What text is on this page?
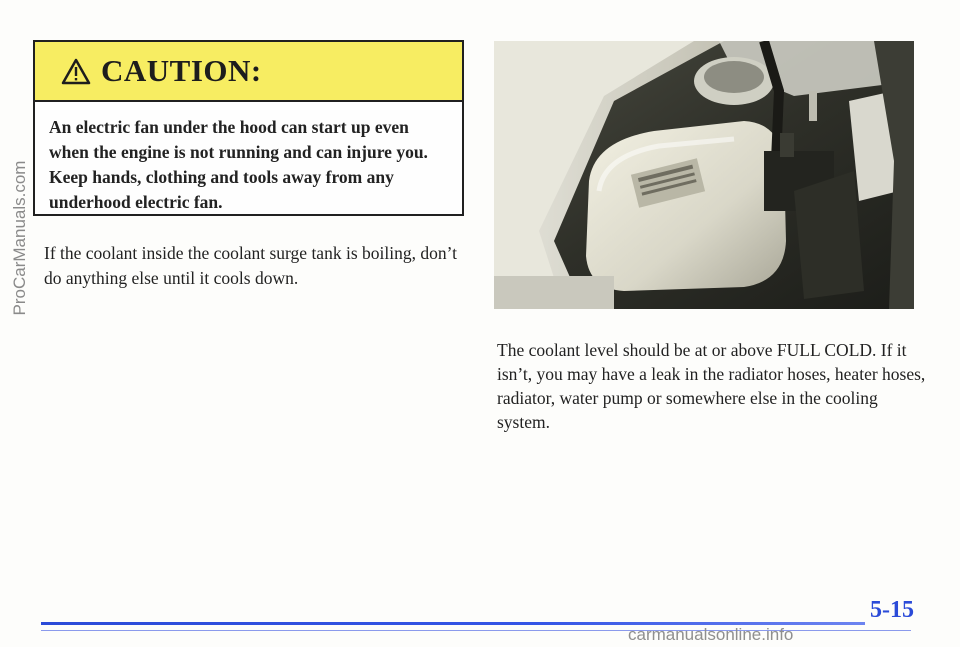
ProCarManuals.com
CAUTION:
An electric fan under the hood can start up even when the engine is not running and can injure you. Keep hands, clothing and tools away from any underhood electric fan.
If the coolant inside the coolant surge tank is boiling, don’t do anything else until it cools down.
The coolant level should be at or above FULL COLD. If it isn’t, you may have a leak in the radiator hoses, heater hoses, radiator, water pump or somewhere else in the cooling system.
5-15
carmanualsonline.info
